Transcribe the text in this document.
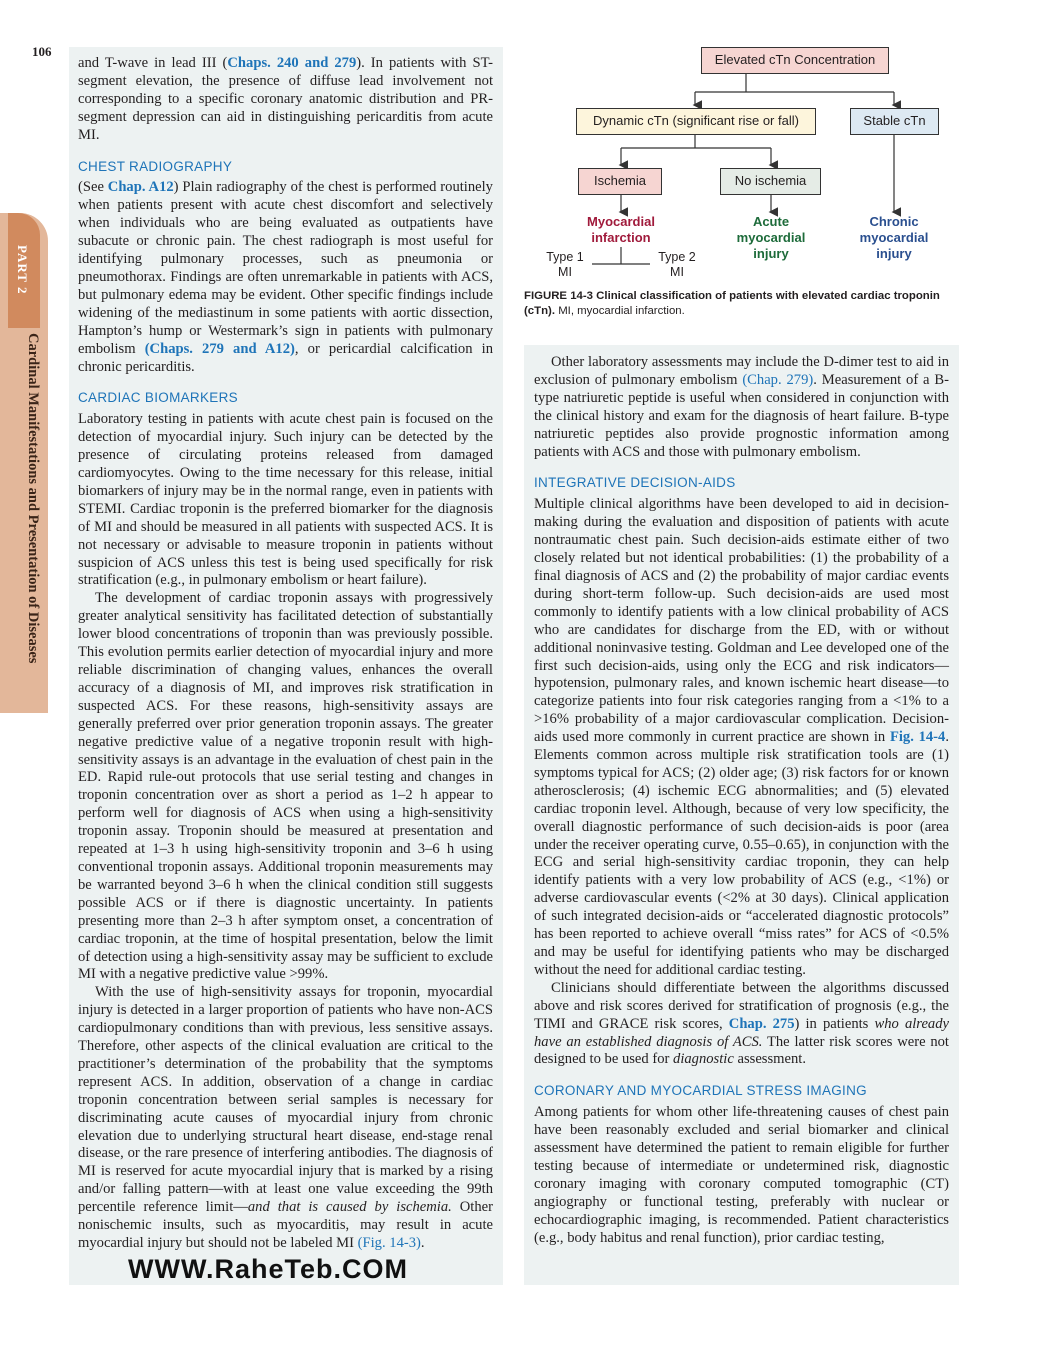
106
PART 2
Cardinal Manifestations and Presentation of Diseases

and T-wave in lead III (Chaps. 240 and 279). In patients with ST-segment elevation, the presence of diffuse lead involvement not corresponding to a specific coronary anatomic distribution and PR-segment depression can aid in distinguishing pericarditis from acute MI.

CHEST RADIOGRAPHY

(See Chap. A12) Plain radiography of the chest is performed routinely when patients present with acute chest discomfort and selectively when individuals who are being evaluated as outpatients have subacute or chronic pain. The chest radiograph is most useful for identifying pulmonary processes, such as pneumonia or pneumothorax. Findings are often unremarkable in patients with ACS, but pulmonary edema may be evident. Other specific findings include widening of the mediastinum in some patients with aortic dissection, Hampton’s hump or Westermark’s sign in patients with pulmonary embolism (Chaps. 279 and A12), or pericardial calcification in chronic pericarditis.

CARDIAC BIOMARKERS

Laboratory testing in patients with acute chest pain is focused on the detection of myocardial injury. Such injury can be detected by the presence of circulating proteins released from damaged cardiomyocytes. Owing to the time necessary for this release, initial biomarkers of injury may be in the normal range, even in patients with STEMI. Cardiac troponin is the preferred biomarker for the diagnosis of MI and should be measured in all patients with suspected ACS. It is not necessary or advisable to measure troponin in patients without suspicion of ACS unless this test is being used specifically for risk stratification (e.g., in pulmonary embolism or heart failure).

The development of cardiac troponin assays with progressively greater analytical sensitivity has facilitated detection of substantially lower blood concentrations of troponin than was previously possible. This evolution permits earlier detection of myocardial injury and more reliable discrimination of changing values, enhances the overall accuracy of a diagnosis of MI, and improves risk stratification in suspected ACS. For these reasons, high-sensitivity assays are generally preferred over prior generation troponin assays. The greater negative predictive value of a negative troponin result with high-sensitivity assays is an advantage in the evaluation of chest pain in the ED. Rapid rule-out protocols that use serial testing and changes in troponin concentration over as short a period as 1–2 h appear to perform well for diagnosis of ACS when using a high-sensitivity troponin assay. Troponin should be measured at presentation and repeated at 1–3 h using high-sensitivity troponin and 3–6 h using conventional troponin assays. Additional troponin measurements may be warranted beyond 3–6 h when the clinical condition still suggests possible ACS or if there is diagnostic uncertainty. In patients presenting more than 2–3 h after symptom onset, a concentration of cardiac troponin, at the time of hospital presentation, below the limit of detection using a high-sensitivity assay may be sufficient to exclude MI with a negative predictive value >99%.

With the use of high-sensitivity assays for troponin, myocardial injury is detected in a larger proportion of patients who have non-ACS cardiopulmonary conditions than with previous, less sensitive assays. Therefore, other aspects of the clinical evaluation are critical to the practitioner’s determination of the probability that the symptoms represent ACS. In addition, observation of a change in cardiac troponin concentration between serial samples is necessary for discriminating acute causes of myocardial injury from chronic elevation due to underlying structural heart disease, end-stage renal disease, or the rare presence of interfering antibodies. The diagnosis of MI is reserved for acute myocardial injury that is marked by a rising and/or falling pattern—with at least one value exceeding the 99th percentile reference limit—and that is caused by ischemia. Other nonischemic insults, such as myocarditis, may result in acute myocardial injury but should not be labeled MI (Fig. 14-3).

Elevated cTn Concentration
Dynamic cTn (significant rise or fall)	Stable cTn
Ischemia	No ischemia
Myocardial infarction
Acute myocardial injury
Chronic myocardial injury
Type 1 MI
Type 2 MI
FIGURE 14-3 Clinical classification of patients with elevated cardiac troponin (cTn). MI, myocardial infarction.

Other laboratory assessments may include the D-dimer test to aid in exclusion of pulmonary embolism (Chap. 279). Measurement of a B-type natriuretic peptide is useful when considered in conjunction with the clinical history and exam for the diagnosis of heart failure. B-type natriuretic peptides also provide prognostic information among patients with ACS and those with pulmonary embolism.

INTEGRATIVE DECISION-AIDS

Multiple clinical algorithms have been developed to aid in decision-making during the evaluation and disposition of patients with acute nontraumatic chest pain. Such decision-aids estimate either of two closely related but not identical probabilities: (1) the probability of a final diagnosis of ACS and (2) the probability of major cardiac events during short-term follow-up. Such decision-aids are used most commonly to identify patients with a low clinical probability of ACS who are candidates for discharge from the ED, with or without additional noninvasive testing. Goldman and Lee developed one of the first such decision-aids, using only the ECG and risk indicators—hypotension, pulmonary rales, and known ischemic heart disease—to categorize patients into four risk categories ranging from a <1% to a >16% probability of a major cardiovascular complication. Decision-aids used more commonly in current practice are shown in Fig. 14-4. Elements common across multiple risk stratification tools are (1) symptoms typical for ACS; (2) older age; (3) risk factors for or known atherosclerosis; (4) ischemic ECG abnormalities; and (5) elevated cardiac troponin level. Although, because of very low specificity, the overall diagnostic performance of such decision-aids is poor (area under the receiver operating curve, 0.55–0.65), in conjunction with the ECG and serial high-sensitivity cardiac troponin, they can help identify patients with a very low probability of ACS (e.g., <1%) or adverse cardiovascular events (<2% at 30 days). Clinical application of such integrated decision-aids or “accelerated diagnostic protocols” has been reported to achieve overall “miss rates” for ACS of <0.5% and may be useful for identifying patients who may be discharged without the need for additional cardiac testing.

Clinicians should differentiate between the algorithms discussed above and risk scores derived for stratification of prognosis (e.g., the TIMI and GRACE risk scores, Chap. 275) in patients who already have an established diagnosis of ACS. The latter risk scores were not designed to be used for diagnostic assessment.

CORONARY AND MYOCARDIAL STRESS IMAGING

Among patients for whom other life-threatening causes of chest pain have been reasonably excluded and serial biomarker and clinical assessment have determined the patient to remain eligible for further testing because of intermediate or undetermined risk, diagnostic coronary imaging with coronary computed tomographic (CT) angiography or functional testing, preferably with nuclear or echocardiographic imaging, is recommended. Patient characteristics (e.g., body habitus and renal function), prior cardiac testing,

WWW.RaheTeb.COM
